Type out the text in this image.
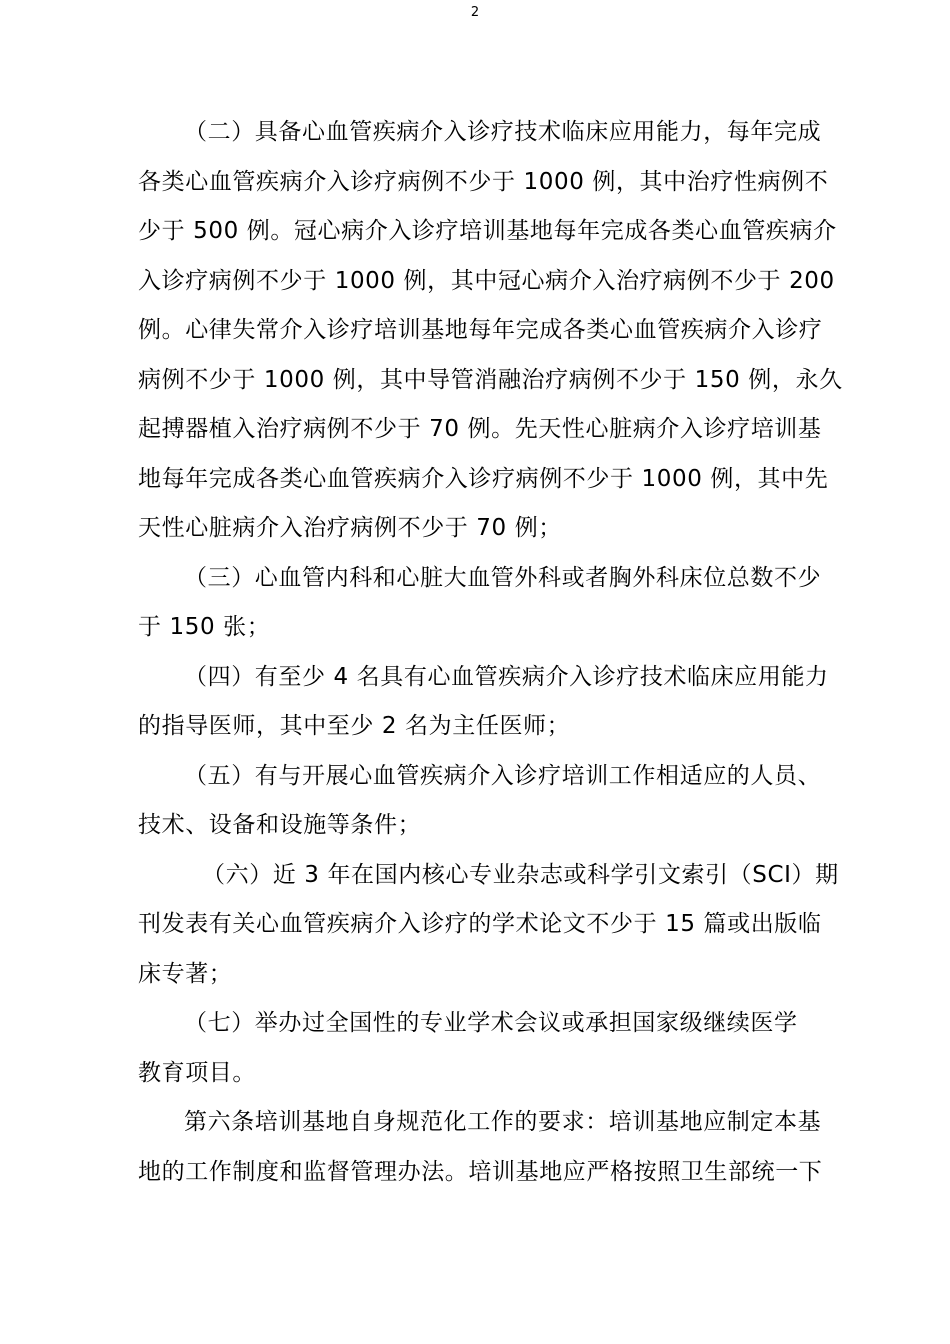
2

（二）具备心血管疾病介入诊疗技术临床应用能力，每年完成
各类心血管疾病介入诊疗病例不少于 1000 例，其中治疗性病例不
少于 500 例。冠心病介入诊疗培训基地每年完成各类心血管疾病介
入诊疗病例不少于 1000 例，其中冠心病介入治疗病例不少于 200
例。心律失常介入诊疗培训基地每年完成各类心血管疾病介入诊疗
病例不少于 1000 例，其中导管消融治疗病例不少于 150 例，永久
起搏器植入治疗病例不少于 70 例。先天性心脏病介入诊疗培训基
地每年完成各类心血管疾病介入诊疗病例不少于 1000 例，其中先
天性心脏病介入治疗病例不少于 70 例；

（三）心血管内科和心脏大血管外科或者胸外科床位总数不少
于 150 张；

（四）有至少 4 名具有心血管疾病介入诊疗技术临床应用能力
的指导医师，其中至少 2 名为主任医师；

（五）有与开展心血管疾病介入诊疗培训工作相适应的人员、
技术、设备和设施等条件；

（六）近 3 年在国内核心专业杂志或科学引文索引（SCI）期
刊发表有关心血管疾病介入诊疗的学术论文不少于 15 篇或出版临
床专著；

（七）举办过全国性的专业学术会议或承担国家级继续医学
教育项目。

第六条培训基地自身规范化工作的要求：培训基地应制定本基
地的工作制度和监督管理办法。培训基地应严格按照卫生部统一下
